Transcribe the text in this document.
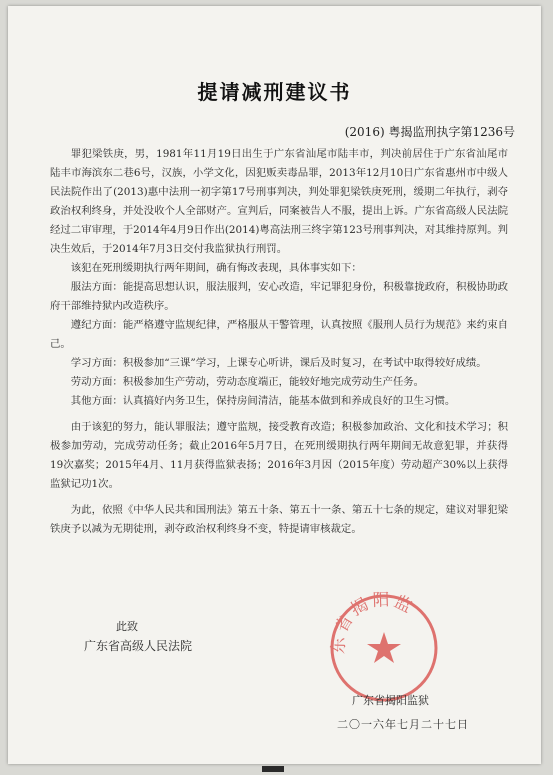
提请减刑建议书
(2016) 粤揭监刑执字第1236号

罪犯梁铁庚，男，1981年11月19日出生于广东省汕尾市陆丰市，判决前居住于广东省汕尾市陆丰市海滨东二巷6号，汉族，小学文化，因犯贩卖毒品罪，2013年12月10日广东省惠州市中级人民法院作出了(2013)惠中法刑一初字第17号刑事判决，判处罪犯梁铁庚死刑，缓期二年执行，剥夺政治权利终身，并处没收个人全部财产。宣判后，同案被告人不服，提出上诉。广东省高级人民法院经过二审审理，于2014年4月9日作出(2014)粤高法刑三终字第123号刑事判决，对其维持原判。判决生效后，于2014年7月3日交付我监狱执行刑罚。

该犯在死刑缓期执行两年期间，确有悔改表现，具体事实如下：

服法方面：能提高思想认识，服法服判，安心改造，牢记罪犯身份，积极靠拢政府，积极协助政府干部维持狱内改造秩序。

遵纪方面：能严格遵守监规纪律，严格服从干警管理，认真按照《服刑人员行为规范》来约束自己。

学习方面：积极参加“三课”学习，上课专心听讲，课后及时复习，在考试中取得较好成绩。

劳动方面：积极参加生产劳动，劳动态度端正，能较好地完成劳动生产任务。

其他方面：认真搞好内务卫生，保持房间清洁，能基本做到和养成良好的卫生习惯。

由于该犯的努力，能认罪服法；遵守监规，接受教育改造；积极参加政治、文化和技术学习；积极参加劳动，完成劳动任务；截止2016年5月7日，在死刑缓期执行两年期间无故意犯罪，并获得19次嘉奖；2015年4月、11月获得监狱表扬；2016年3月因（2015年度）劳动超产30%以上获得监狱记功1次。

为此，依照《中华人民共和国刑法》第五十条、第五十一条、第五十七条的规定，建议对罪犯梁铁庚予以减为无期徒刑，剥夺政治权利终身不变，特提请审核裁定。

此致
广东省高级人民法院	东省揭阳监
广东省揭阳监狱
二〇一六年七月二十七日
